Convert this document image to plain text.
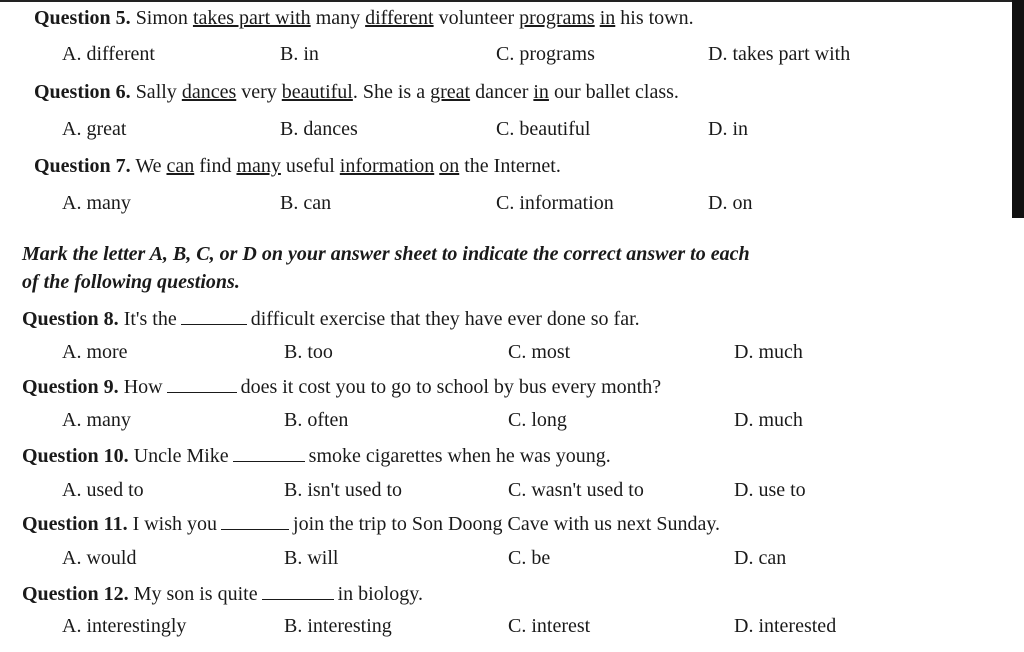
Question 5. Simon takes part with many different volunteer programs in his town.
A. different	B. in	C. programs	D. takes part with
Question 6. Sally dances very beautiful. She is a great dancer in our ballet class.
A. great	B. dances	C. beautiful	D. in
Question 7. We can find many useful information on the Internet.
A. many	B. can	C. information	D. on
Mark the letter A, B, C, or D on your answer sheet to indicate the correct answer to each
of the following questions.
Question 8. It's the	difficult exercise that they have ever done so far.
A. more	B. too	C. most	D. much
Question 9. How	does it cost you to go to school by bus every month?
A. many	B. often	C. long	D. much
Question 10. Uncle Mike	smoke cigarettes when he was young.
A. used to	B. isn't used to	C. wasn't used to	D. use to
Question 11. I wish you	join the trip to Son Doong Cave with us next Sunday.
A. would	B. will	C. be	D. can
Question 12. My son is quite	in biology.
A. interestingly	B. interesting	C. interest	D. interested
